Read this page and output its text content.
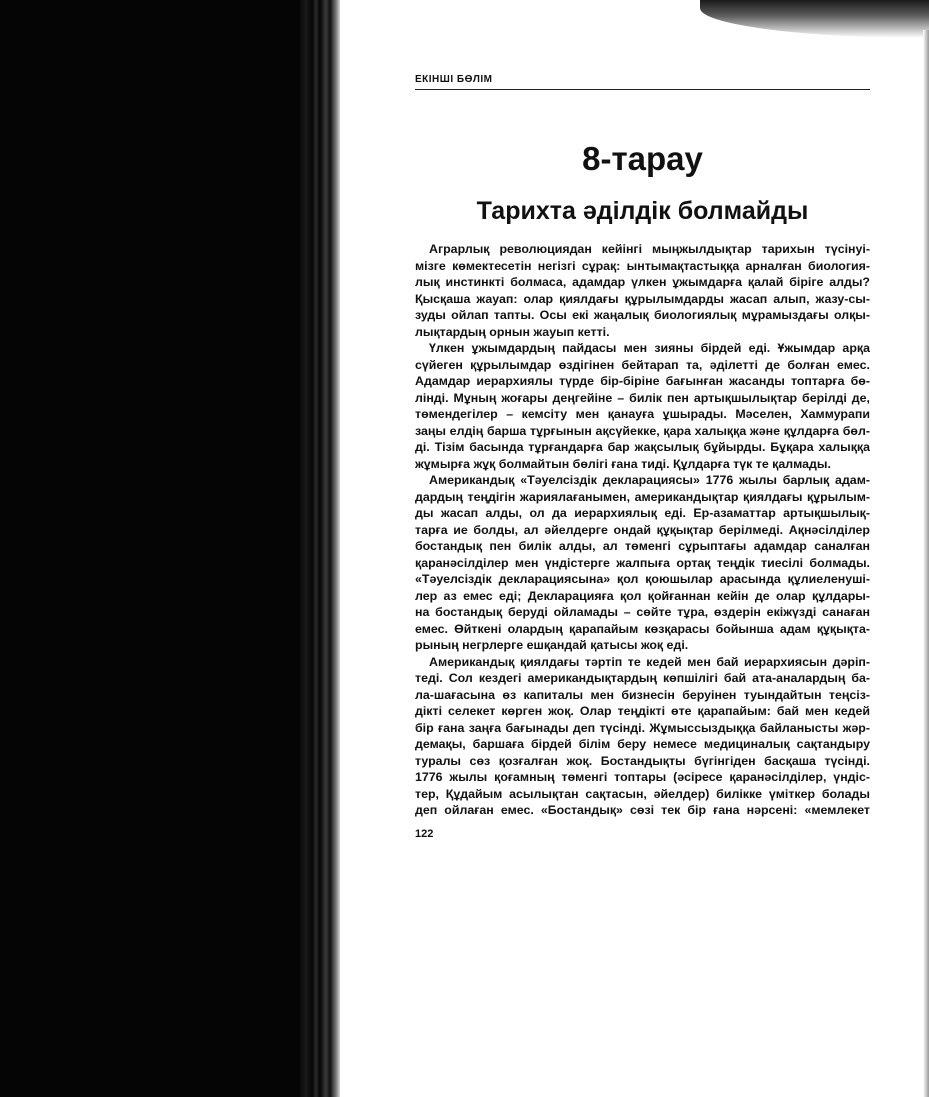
ЕКІНШІ БӨЛІМ
8-тарау
Тарихта әділдік болмайды
Аграрлық революциядан кейінгі мыңжылдықтар тарихын түсінуі-
мізге көмектесетін негізгі сұрақ: ынтымақтастыққа арналған биология-
лық инстинкті болмаса, адамдар үлкен ұжымдарға қалай біріге алды?
Қысқаша жауап: олар қиялдағы құрылымдарды жасап алып, жазу-сы-
зуды ойлап тапты. Осы екі жаңалық биологиялық мұрамыздағы олқы-
лықтардың орнын жауып кетті.
Үлкен ұжымдардың пайдасы мен зияны бірдей еді. Ұжымдар арқа
сүйеген құрылымдар өздігінен бейтарап та, әділетті де болған емес.
Адамдар иерархиялы түрде бір-біріне бағынған жасанды топтарға бө-
лінді. Мұның жоғары деңгейіне – билік пен артықшылықтар берілді де,
төмендегілер – кемсіту мен қанауға ұшырады. Мәселен, Хаммурапи
заңы елдің барша тұрғынын ақсүйекке, қара халыққа және құлдарға бөл-
ді. Тізім басында тұрғандарға бар жақсылық бұйырды. Бұқара халыққа
жұмырға жұқ болмайтын бөлігі ғана тиді. Құлдарға түк те қалмады.
Американдық «Тәуелсіздік декларациясы» 1776 жылы барлық адам-
дардың теңдігін жариялағанымен, американдықтар қиялдағы құрылым-
ды жасап алды, ол да иерархиялық еді. Ер-азаматтар артықшылық-
тарға ие болды, ал әйелдерге ондай құқықтар берілмеді. Ақнәсілділер
бостандық пен билік алды, ал төменгі сұрыптағы адамдар саналған
қаранәсілділер мен үндістерге жалпыға ортақ теңдік тиесілі болмады.
«Тәуелсіздік декларациясына» қол қоюшылар арасында құлиеленуші-
лер аз емес еді; Декларацияға қол қойғаннан кейін де олар құлдары-
на бостандық беруді ойламады – сөйте тұра, өздерін екіжүзді санаған
емес. Өйткені олардың қарапайым көзқарасы бойынша адам құқықта-
рының негрлерге ешқандай қатысы жоқ еді.
Американдық қиялдағы тәртіп те кедей мен бай иерархиясын дәріп-
теді. Сол кездегі американдықтардың көпшілігі бай ата-аналардың ба-
ла-шағасына өз капиталы мен бизнесін беруінен туындайтын теңсіз-
дікті селекет көрген жоқ. Олар теңдікті өте қарапайым: бай мен кедей
бір ғана заңға бағынады деп түсінді. Жұмыссыздыққа байланысты жәр-
демақы, баршаға бірдей білім беру немесе медициналық сақтандыру
туралы сөз қозғалған жоқ. Бостандықты бүгінгіден басқаша түсінді.
1776 жылы қоғамның төменгі топтары (әсіресе қаранәсілділер, үндіс-
тер, Құдайым асылықтан сақтасын, әйелдер) билікке үміткер болады
деп ойлаған емес. «Бостандық» сөзі тек бір ғана нәрсені: «мемлекет
122
